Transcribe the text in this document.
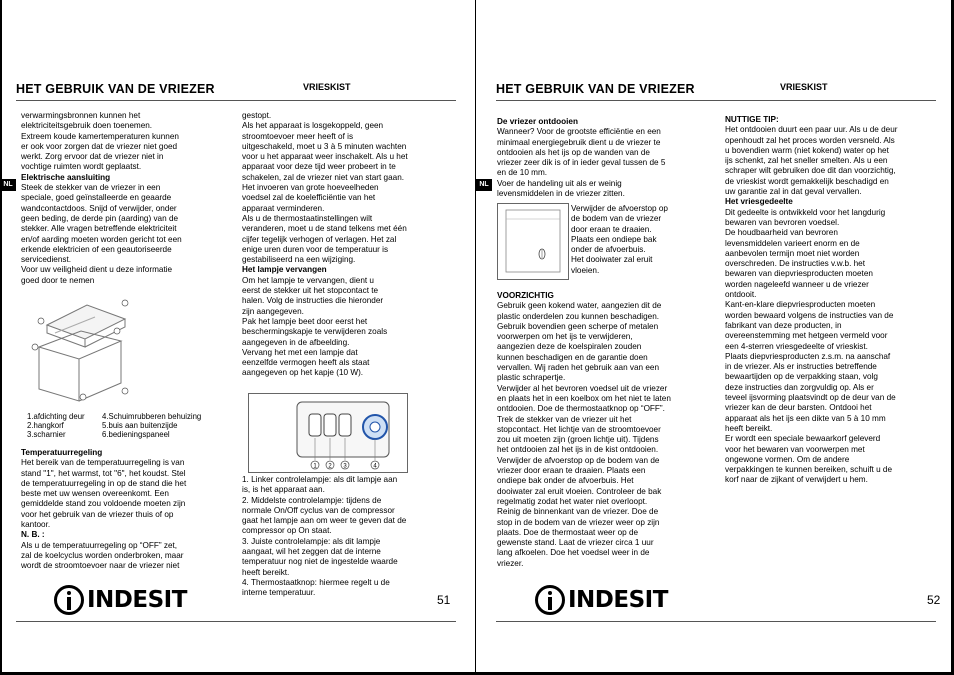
HET GEBRUIK VAN DE VRIEZER	VRIESKIST
NL

verwarmingsbronnen kunnen het

elektriciteitsgebruik doen toenemen.

Extreem koude kamertemperaturen kunnen

er ook voor zorgen dat de vriezer niet goed

werkt. Zorg ervoor dat de vriezer niet in

vochtige ruimten wordt geplaatst.

Elektrische aansluiting

Steek de stekker van de vriezer in een

speciale, goed geïnstalleerde en geaarde

wandcontactdoos. Snijd of verwijder, onder

geen beding, de derde pin (aarding) van de

stekker. Alle vragen betreffende elektriciteit

en/of aarding moeten worden gericht tot een

erkende elektricien of een geautoriseerde

servicedienst.

Voor uw veiligheid dient u deze informatie

goed door te nemen

1.afdichting deur
2.hangkorf
3.scharnier
4.Schuimrubberen behuizing
5.buis aan buitenzijde
6.bedieningspaneel

Temperatuurregeling

Het bereik van de temperatuurregeling is van

stand "1", het warmst, tot "6", het koudst. Stel

de temperatuurregeling in op de stand die het

beste met uw wensen overeenkomt. Een

gemiddelde stand zou voldoende moeten zijn

voor het gebruik van de vriezer thuis of op

kantoor.

N. B. :

Als u de temperatuurregeling op “OFF” zet,

zal de koelcyclus worden onderbroken, maar

wordt de stroomtoevoer naar de vriezer niet

gestopt.

Als het apparaat is losgekoppeld, geen

stroomtoevoer meer heeft of is

uitgeschakeld, moet u 3 à 5 minuten wachten

voor u het apparaat weer inschakelt. Als u het

apparaat voor deze tijd weer probeert in te

schakelen, zal de vriezer niet van start gaan.

Het invoeren van grote hoeveelheden

voedsel zal de koelefficiëntie van het

apparaat verminderen.

Als u de thermostaatinstellingen wilt

veranderen, moet u de stand telkens met één

cijfer tegelijk verhogen of verlagen. Het zal

enige uren duren voor de temperatuur is

gestabiliseerd na een wijziging.

Het lampje vervangen

Om het lampje te vervangen, dient u

eerst de stekker uit het stopcontact te

halen. Volg de instructies die hieronder

zijn aangegeven.

Pak het lampje beet door eerst het

beschermingskapje te verwijderen zoals

aangegeven in de afbeelding.

Vervang het met een lampje dat

eenzelfde vermogen heeft als staat

aangegeven op het kapje (10 W).

1 2 3	4

1. Linker controlelampje: als dit lampje aan

is, is het apparaat aan.

2. Middelste controlelampje: tijdens de

normale On/Off cyclus van de compressor

gaat het lampje aan om weer te geven dat de

compressor op On staat.

3. Juiste controlelampje: als dit lampje

aangaat, wil het zeggen dat de interne

temperatuur nog niet de ingestelde waarde

heeft bereikt.

4. Thermostaatknop: hiermee regelt u de

interne temperatuur.

INDESIT	51
HET GEBRUIK VAN DE VRIEZER	VRIESKIST
NL

De vriezer ontdooien

Wanneer? Voor de grootste efficiëntie en een

minimaal energiegebruik dient u de vriezer te

ontdooien als het ijs op de wanden van de

vriezer zeer dik is of in ieder geval tussen de 5

en de 10 mm.

Voer de handeling uit als er weinig

levensmiddelen in de vriezer zitten.

Verwijder de afvoerstop op

de bodem van de vriezer

door eraan te draaien.

Plaats een ondiepe bak

onder de afvoerbuis.

Het dooiwater zal eruit

vloeien.

VOORZICHTIG

Gebruik geen kokend water, aangezien dit de

plastic onderdelen zou kunnen beschadigen.

Gebruik bovendien geen scherpe of metalen

voorwerpen om het ijs te verwijderen,

aangezien deze de koelspiralen zouden

kunnen beschadigen en de garantie doen

vervallen. Wij raden het gebruik aan van een

plastic schrapertje.

Verwijder al het bevroren voedsel uit de vriezer

en plaats het in een koelbox om het niet te laten

ontdooien. Doe de thermostaatknop op “OFF”.

Trek de stekker van de vriezer uit het

stopcontact. Het lichtje van de stroomtoevoer

zou uit moeten zijn (groen lichtje uit). Tijdens

het ontdooien zal het ijs in de kist ontdooien.

Verwijder de afvoerstop op de bodem van de

vriezer door eraan te draaien. Plaats een

ondiepe bak onder de afvoerbuis. Het

dooiwater zal eruit vloeien. Controleer de bak

regelmatig zodat het water niet overloopt.

Reinig de binnenkant van de vriezer. Doe de

stop in de bodem van de vriezer weer op zijn

plaats. Doe de thermostaat weer op de

gewenste stand. Laat de vriezer circa 1 uur

lang afkoelen. Doe het voedsel weer in de

vriezer.

NUTTIGE TIP:

Het ontdooien duurt een paar uur. Als u de deur

openhoudt zal het proces worden versneld. Als

u bovendien warm (niet kokend) water op het

ijs schenkt, zal het sneller smelten. Als u een

schraper wilt gebruiken doe dit dan voorzichtig,

de vrieskist wordt gemakkelijk beschadigd en

uw garantie zal in dat geval vervallen.

Het vriesgedeelte

Dit gedeelte is ontwikkeld voor het langdurig

bewaren van bevroren voedsel.

De houdbaarheid van bevroren

levensmiddelen varieert enorm en de

aanbevolen termijn moet niet worden

overschreden. De instructies v.w.b. het

bewaren van diepvriesproducten moeten

worden nageleefd wanneer u de vriezer

ontdooit.

Kant-en-klare diepvriesproducten moeten

worden bewaard volgens de instructies van de

fabrikant van deze producten, in

overeenstemming met hetgeen vermeld voor

een 4-sterren vriesgedeelte of vrieskist.

Plaats diepvriesproducten z.s.m. na aanschaf

in de vriezer. Als er instructies betreffende

bewaartijden op de verpakking staan, volg

deze instructies dan zorgvuldig op. Als er

teveel ijsvorming plaatsvindt op de deur van de

vriezer kan de deur barsten. Ontdooi het

apparaat als het ijs een dikte van 5 à 10 mm

heeft bereikt.

Er wordt een speciale bewaarkorf geleverd

voor het bewaren van voorwerpen met

ongewone vormen. Om de andere

verpakkingen te kunnen bereiken, schuift u de

korf naar de zijkant of verwijdert u hem.

INDESIT	52
